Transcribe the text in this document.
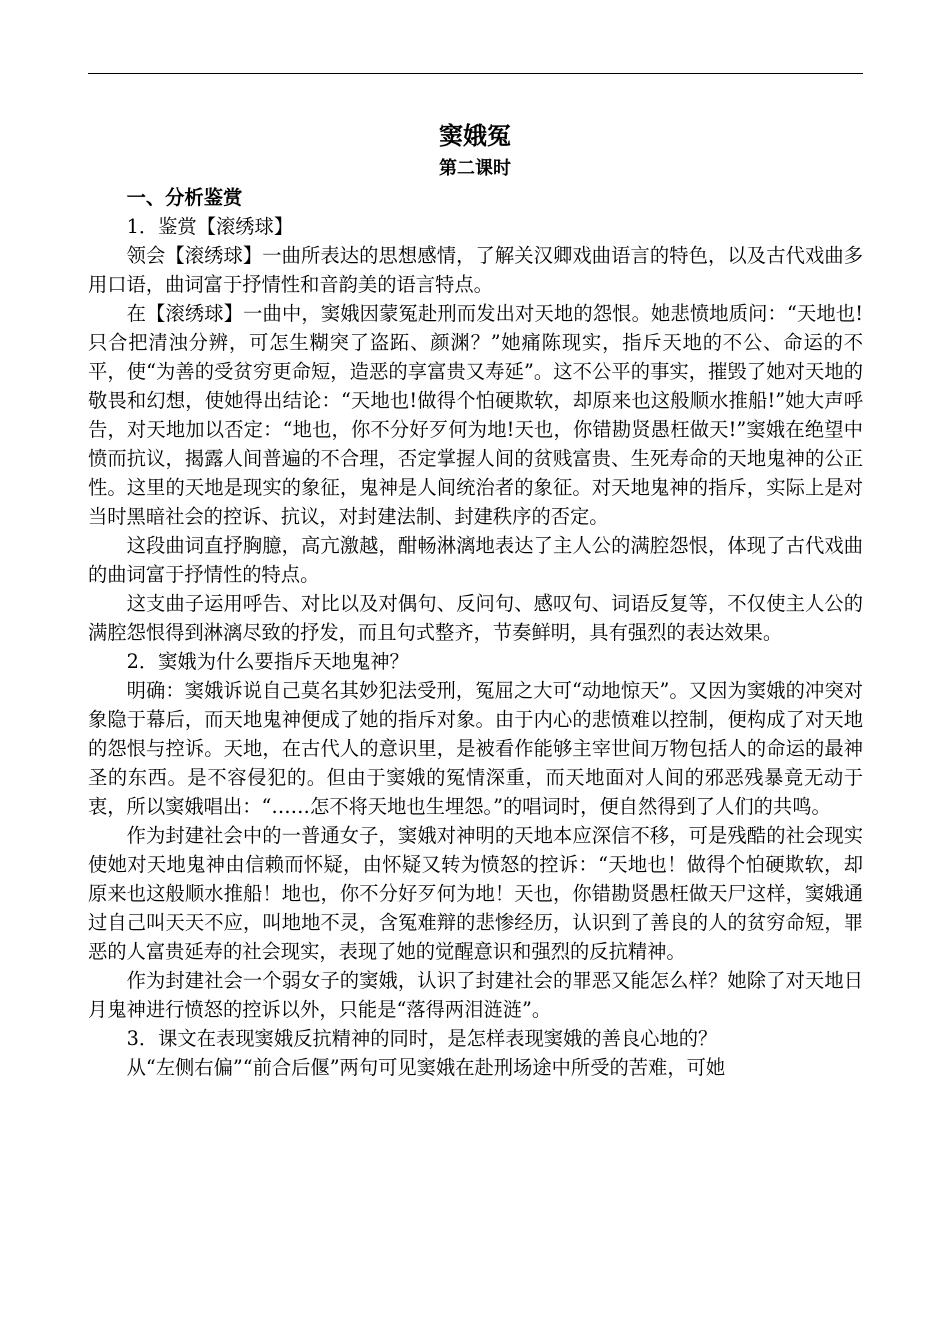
窦娥冤
第二课时

一、分析鉴赏

1．鉴赏【滚绣球】

领会【滚绣球】一曲所表达的思想感情，了解关汉卿戏曲语言的特色，以及古代戏曲多用口语，曲词富于抒情性和音韵美的语言特点。

在【滚绣球】一曲中，窦娥因蒙冤赴刑而发出对天地的怨恨。她悲愤地质问：“天地也!只合把清浊分辨，可怎生糊突了盗跖、颜渊？”她痛陈现实，指斥天地的不公、命运的不平，使“为善的受贫穷更命短，造恶的享富贵又寿延”。这不公平的事实，摧毁了她对天地的敬畏和幻想，使她得出结论：“天地也!做得个怕硬欺软，却原来也这般顺水推船!”她大声呼告，对天地加以否定：“地也，你不分好歹何为地!天也，你错勘贤愚枉做天!”窦娥在绝望中愤而抗议，揭露人间普遍的不合理，否定掌握人间的贫贱富贵、生死寿命的天地鬼神的公正性。这里的天地是现实的象征，鬼神是人间统治者的象征。对天地鬼神的指斥，实际上是对当时黑暗社会的控诉、抗议，对封建法制、封建秩序的否定。

这段曲词直抒胸臆，高亢激越，酣畅淋漓地表达了主人公的满腔怨恨，体现了古代戏曲的曲词富于抒情性的特点。

这支曲子运用呼告、对比以及对偶句、反问句、感叹句、词语反复等，不仅使主人公的满腔怨恨得到淋漓尽致的抒发，而且句式整齐，节奏鲜明，具有强烈的表达效果。

2．窦娥为什么要指斥天地鬼神？

明确：窦娥诉说自己莫名其妙犯法受刑，冤屈之大可“动地惊天”。又因为窦娥的冲突对象隐于幕后，而天地鬼神便成了她的指斥对象。由于内心的悲愤难以控制，便构成了对天地的怨恨与控诉。天地，在古代人的意识里，是被看作能够主宰世间万物包括人的命运的最神圣的东西。是不容侵犯的。但由于窦娥的冤情深重，而天地面对人间的邪恶残暴竟无动于衷，所以窦娥唱出：“……怎不将天地也生埋怨。”的唱词时，便自然得到了人们的共鸣。

作为封建社会中的一普通女子，窦娥对神明的天地本应深信不移，可是残酷的社会现实使她对天地鬼神由信赖而怀疑，由怀疑又转为愤怒的控诉：“天地也！做得个怕硬欺软，却原来也这般顺水推船！地也，你不分好歹何为地！天也，你错勘贤愚枉做天尸这样，窦娥通过自己叫天天不应，叫地地不灵，含冤难辩的悲惨经历，认识到了善良的人的贫穷命短，罪恶的人富贵延寿的社会现实，表现了她的觉醒意识和强烈的反抗精神。

作为封建社会一个弱女子的窦娥，认识了封建社会的罪恶又能怎么样？她除了对天地日月鬼神进行愤怒的控诉以外，只能是“落得两泪涟涟”。

3．课文在表现窦娥反抗精神的同时，是怎样表现窦娥的善良心地的？

从“左侧右偏”“前合后偃”两句可见窦娥在赴刑场途中所受的苦难，可她
